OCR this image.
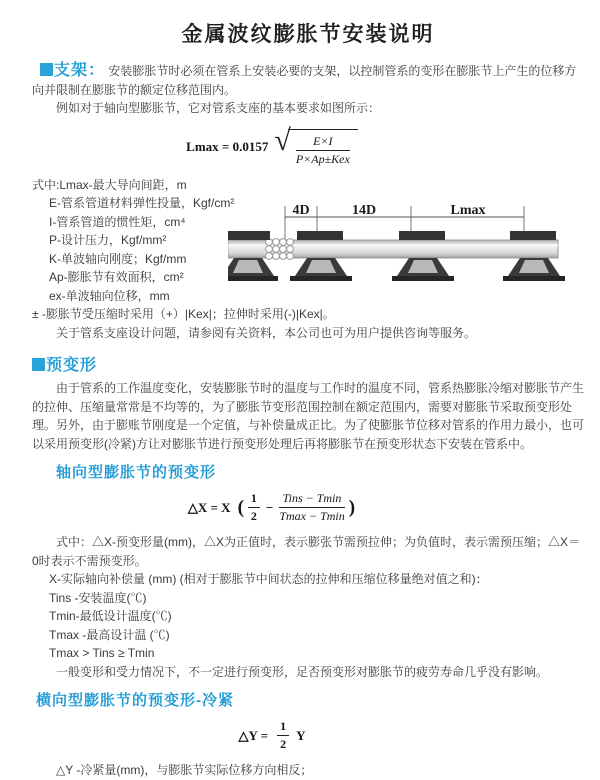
金属波纹膨胀节安装说明

支架： 安装膨胀节时必须在管系上安装必要的支架，以控制管系的变形在膨胀节上产生的位移方向并限制在膨胀节的额定位移范围内。

例如对于轴向型膨胀节，它对管系支座的基本要求如图所示：

Lmax = 0.0157 √ $\frac{E\times I}{\text{P×Ap±Kex}}$
式中:Lmax-最大导向间距，m
E-管系管道材料弹性投量，Kgf/cm²
I-管系管道的惯性矩，cm⁴
P-设计压力，Kgf/mm²
K-单波轴向刚度；Kgf/mm
Ap-膨胀节有效面积，cm²
ex-单波轴向位移，mm
4D	14D	Lmax

± -膨胀节受压缩时采用（+）|Kex|；拉伸时采用(-)|Kex|。

关于管系支座设计问题，请参阅有关资料，本公司也可为用户提供咨询等服务。

预变形

由于管系的工作温度变化，安装膨胀节时的温度与工作时的温度不同，管系热膨胀冷缩对膨胀节产生的拉伸、压缩量常常是不均等的，为了膨胀节变形范围控制在额定范围内，需要对膨胀节采取预变形处理。另外，由于膨账节刚度是一个定值，与补偿量成正比。为了使膨胀节位移对管系的作用力最小，也可以采用预变形(冷紧)方让对膨胀节进行预变形处理后再将膨胀节在预变形状态下安装在管系中。

轴向型膨胀节的预变形
△X = X ( $\frac{1}{2} - \frac{\text{Tins − Tmin}}{Tmax - Tmin}$ )

式中：△X-预变形量(mm)，△X为正值时，表示膨张节需预拉伸；为负值时，表示需预压缩；△X＝0时表示不需预变形。

X-实际轴向补偿量 (mm) (相对于膨胀节中间状态的拉伸和压缩位移量绝对值之和)：
Tins -安装温度(℃)
Tmin-最低设计温度(℃)
Tmax -最高设计温 (℃)
Tmax > Tins ≥ Tmin

一般变形和受力情况下，不一定进行预变形，足否预变形对膨胀节的疲劳寿命几乎没有影响。

横向型膨胀节的预变形-冷紧
△Y = $\frac{1}{2}$ Y

△Y -冷紧量(mm)，与膨胀节实际位移方向相反；
